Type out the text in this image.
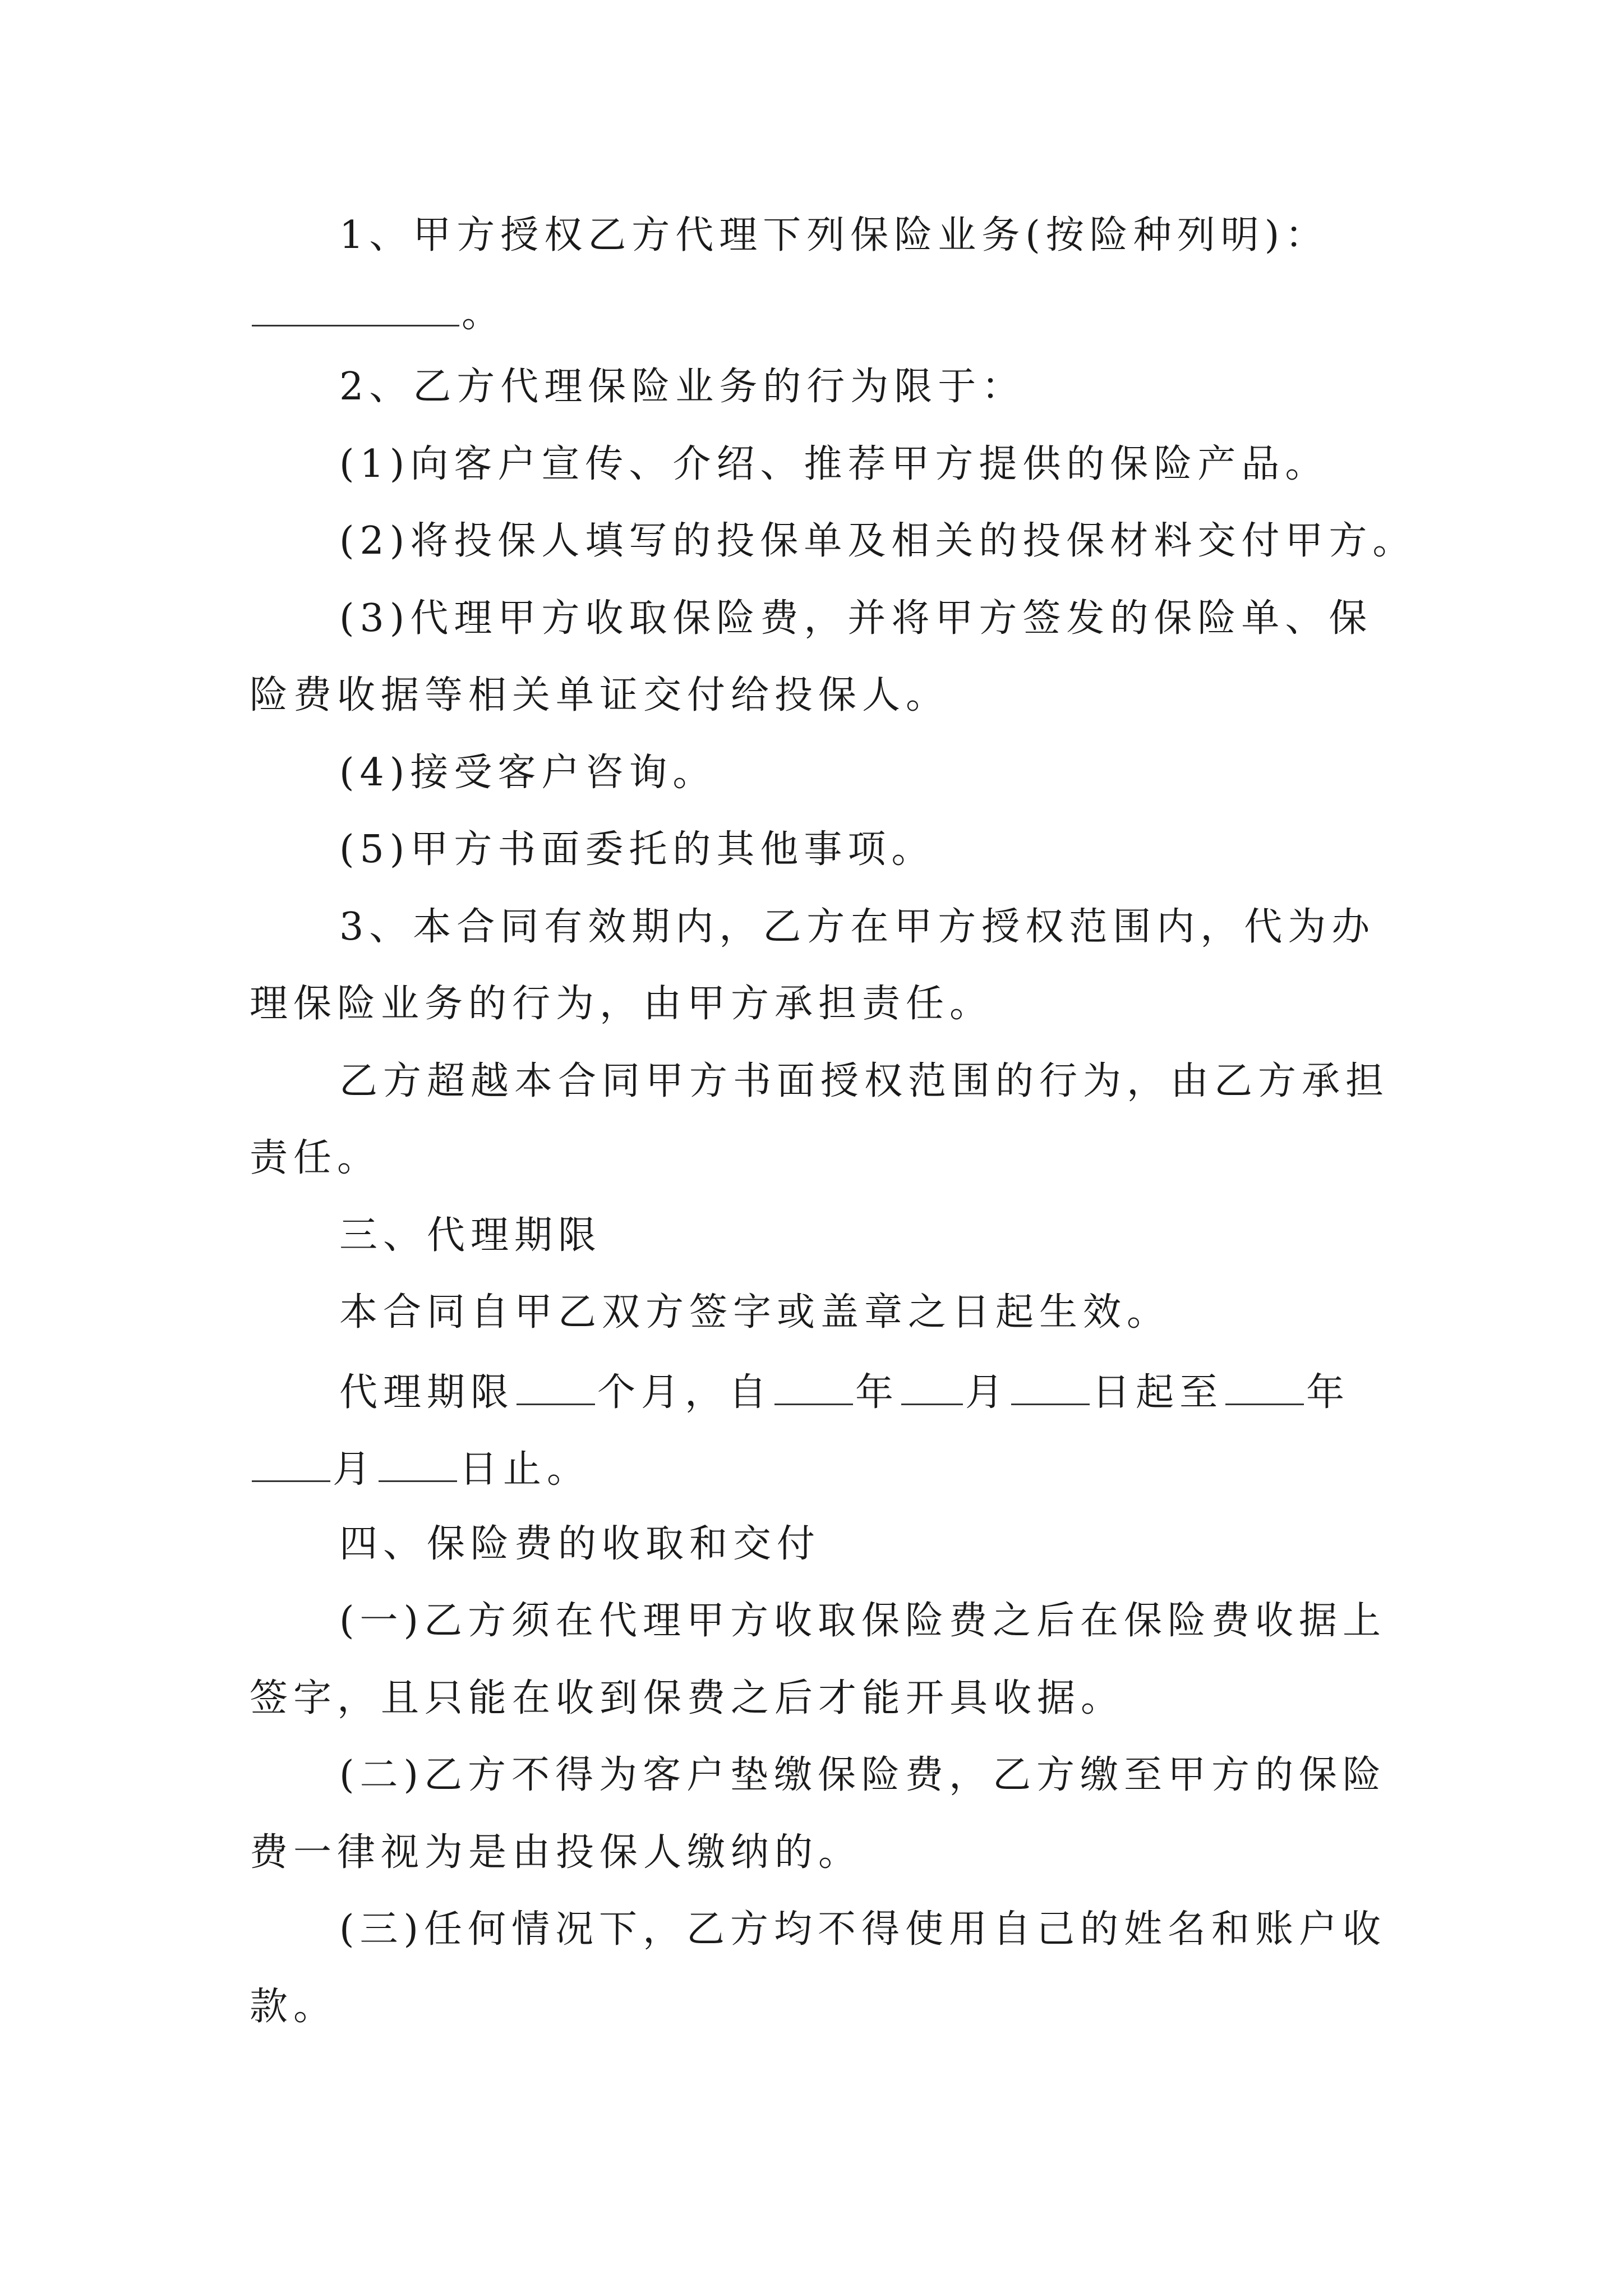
1、甲方授权乙方代理下列保险业务(按险种列明)：

。

2、乙方代理保险业务的行为限于：

(1)向客户宣传、介绍、推荐甲方提供的保险产品。

(2)将投保人填写的投保单及相关的投保材料交付甲方。

(3)代理甲方收取保险费，并将甲方签发的保险单、保

险费收据等相关单证交付给投保人。

(4)接受客户咨询。

(5)甲方书面委托的其他事项。

3、本合同有效期内，乙方在甲方授权范围内，代为办

理保险业务的行为，由甲方承担责任。

乙方超越本合同甲方书面授权范围的行为，由乙方承担

责任。

三、代理期限

本合同自甲乙双方签字或盖章之日起生效。

代理期限 个月，自 年 月 日起至 年

月 日止。

四、保险费的收取和交付

(一)乙方须在代理甲方收取保险费之后在保险费收据上

签字，且只能在收到保费之后才能开具收据。

(二)乙方不得为客户垫缴保险费，乙方缴至甲方的保险

费一律视为是由投保人缴纳的。

(三)任何情况下，乙方均不得使用自己的姓名和账户收

款。
